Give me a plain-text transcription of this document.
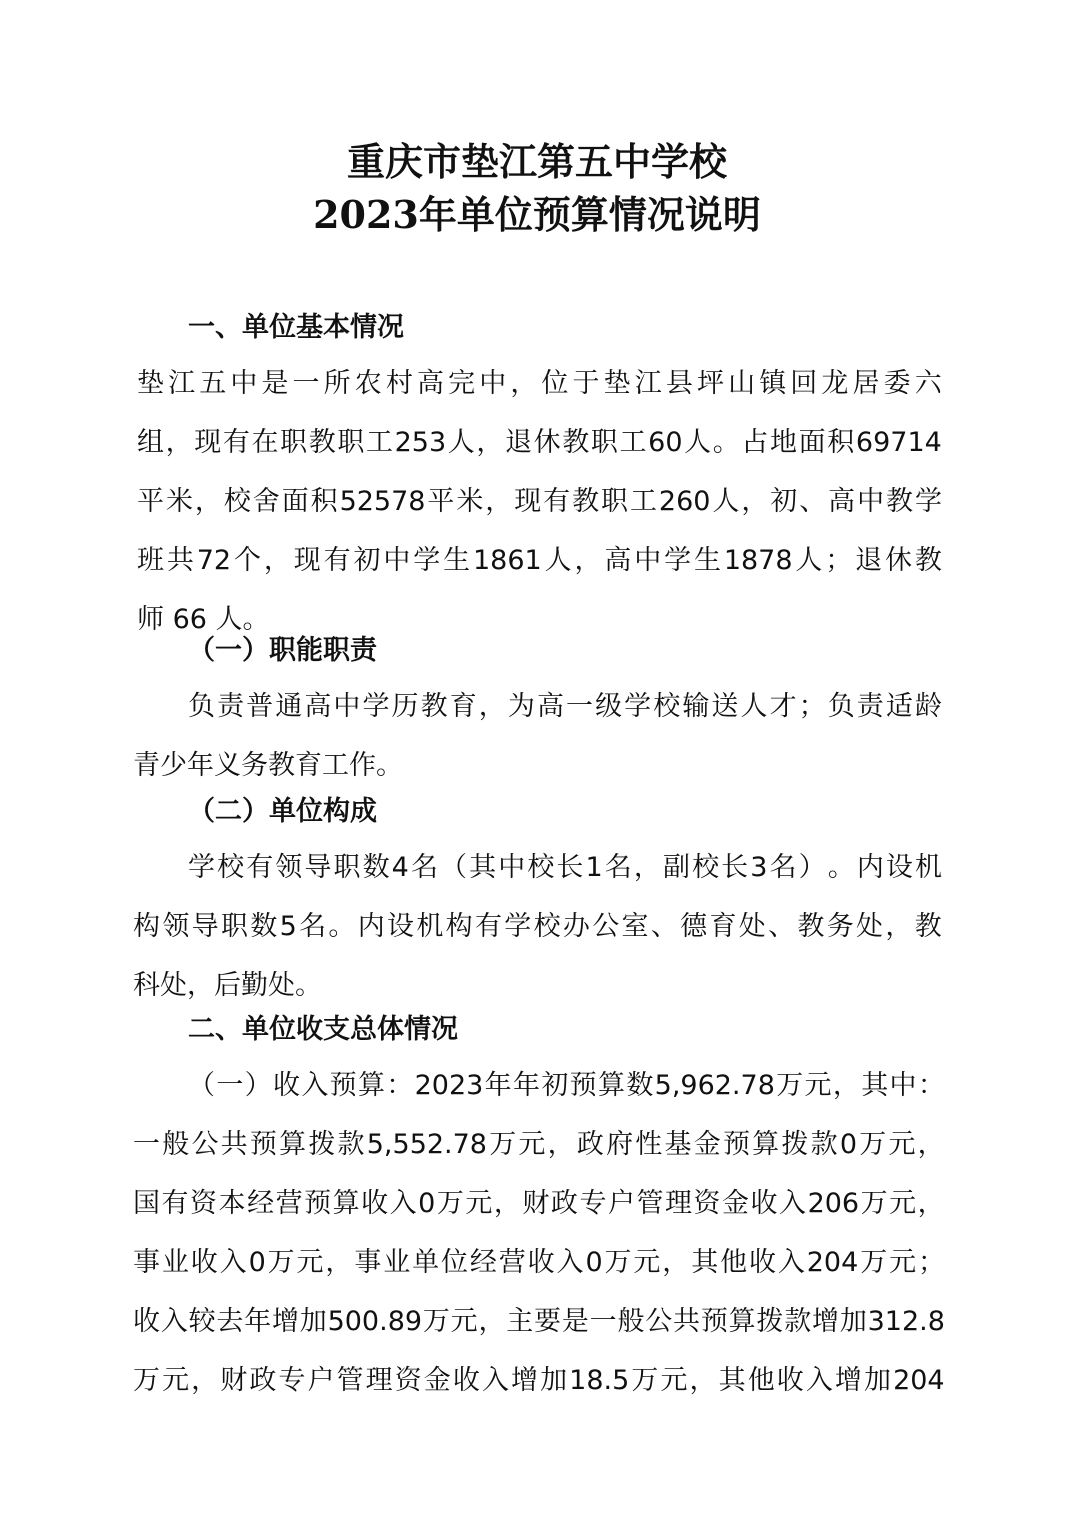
重庆市垫江第五中学校
2023年单位预算情况说明
一、单位基本情况
垫 江 五 中 是 一 所 农 村 高 完 中 ， 位 于 垫 江 县 坪 山 镇 回 龙 居 委 六
组 ， 现 有 在 职 教 职 工 253 人 ， 退 休 教 职 工 60 人 。 占 地 面 积 69714
平 米 ， 校 舍 面 积 52578 平 米 ， 现 有 教 职 工 260 人 ， 初 、 高 中 教 学
班 共 72 个 ， 现 有 初 中 学 生 1861 人 ， 高 中 学 生 1878 人 ； 退 休 教
师 66 人。
（一）职能职责
负 责 普 通 高 中 学 历 教 育 ， 为 高 一 级 学 校 输 送 人 才 ； 负 责 适 龄
青少年义务教育工作。
（二）单位构成
学 校 有 领 导 职 数 4 名 （ 其 中 校 长 1 名 ， 副 校 长 3 名 ） 。 内 设 机
构 领 导 职 数 5 名 。 内 设 机 构 有 学 校 办 公 室 、 德 育 处 、 教 务 处 ， 教
科处，后勤处。
二、单位收支总体情况
（ 一 ） 收 入 预 算 ： 2023 年 年 初 预 算 数 5,962.78 万 元 ， 其 中 ：
一 般 公 共 预 算 拨 款 5,552.78 万 元 ， 政 府 性 基 金 预 算 拨 款 0 万 元 ，
国 有 资 本 经 营 预 算 收 入 0 万 元 ， 财 政 专 户 管 理 资 金 收 入 206 万 元 ，
事 业 收 入 0 万 元 ， 事 业 单 位 经 营 收 入 0 万 元 ， 其 他 收 入 204 万 元 ；
收 入 较 去 年 增 加 500.89 万 元 ， 主 要 是 一 般 公 共 预 算 拨 款 增 加 312.8
万 元 ， 财 政 专 户 管 理 资 金 收 入 增 加 18.5 万 元 ， 其 他 收 入 增 加 204
